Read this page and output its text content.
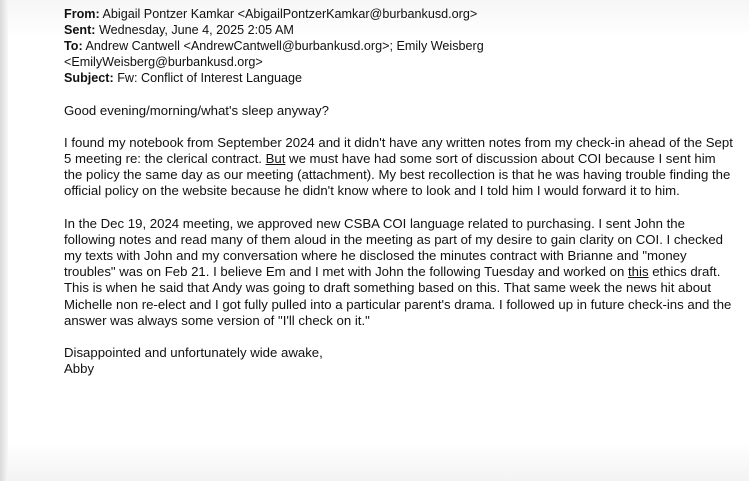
From: Abigail Pontzer Kamkar <AbigailPontzerKamkar@burbankusd.org>
Sent: Wednesday, June 4, 2025 2:05 AM
To: Andrew Cantwell <AndrewCantwell@burbankusd.org>; Emily Weisberg
<EmilyWeisberg@burbankusd.org>
Subject: Fw: Conflict of Interest Language

Good evening/morning/what's sleep anyway?

I found my notebook from September 2024 and it didn't have any written notes from my check-in ahead of the Sept 5 meeting re: the clerical contract. But we must have had some sort of discussion about COI because I sent him the policy the same day as our meeting (attachment). My best recollection is that he was having trouble finding the official policy on the website because he didn't know where to look and I told him I would forward it to him.

In the Dec 19, 2024 meeting, we approved new CSBA COI language related to purchasing. I sent John the following notes and read many of them aloud in the meeting as part of my desire to gain clarity on COI. I checked my texts with John and my conversation where he disclosed the minutes contract with Brianne and "money troubles" was on Feb 21. I believe Em and I met with John the following Tuesday and worked on this ethics draft. This is when he said that Andy was going to draft something based on this. That same week the news hit about Michelle non re-elect and I got fully pulled into a particular parent's drama. I followed up in future check-ins and the answer was always some version of "I'll check on it."

Disappointed and unfortunately wide awake,
Abby
